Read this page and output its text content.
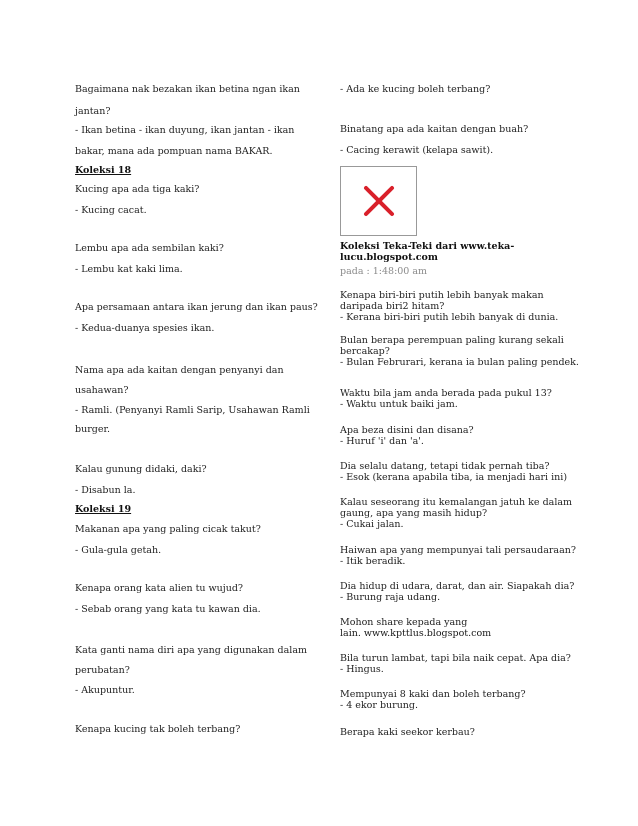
Bagaimana nak bezakan ikan betina ngan ikan
jantan?
- Ikan betina - ikan duyung, ikan jantan - ikan
bakar, mana ada pompuan nama BAKAR.
Koleksi 18
Kucing apa ada tiga kaki?
- Kucing cacat.
Lembu apa ada sembilan kaki?
- Lembu kat kaki lima.
Apa persamaan antara ikan jerung dan ikan paus?
- Kedua-duanya spesies ikan.
Nama apa ada kaitan dengan penyanyi dan
usahawan?
- Ramli. (Penyanyi Ramli Sarip, Usahawan Ramli
burger.
Kalau gunung didaki, daki?
- Disabun la.
Koleksi 19
Makanan apa yang paling cicak takut?
- Gula-gula getah.
Kenapa orang kata alien tu wujud?
- Sebab orang yang kata tu kawan dia.
Kata ganti nama diri apa yang digunakan dalam
perubatan?
- Akupuntur.
Kenapa kucing tak boleh terbang?
- Ada ke kucing boleh terbang?
Binatang apa ada kaitan dengan buah?
- Cacing kerawit (kelapa sawit).
Koleksi Teka-Teki dari www.teka-
lucu.blogspot.com
pada : 1:48:00 am
Kenapa biri-biri putih lebih banyak makan
daripada biri2 hitam?
- Kerana biri-biri putih lebih banyak di dunia.
Bulan berapa perempuan paling kurang sekali
bercakap?
- Bulan Februrari, kerana ia bulan paling pendek.
Waktu bila jam anda berada pada pukul 13?
- Waktu untuk baiki jam.
Apa beza disini dan disana?
- Huruf 'i' dan 'a'.
Dia selalu datang, tetapi tidak pernah tiba?
- Esok (kerana apabila tiba, ia menjadi hari ini)
Kalau seseorang itu kemalangan jatuh ke dalam
gaung, apa yang masih hidup?
- Cukai jalan.
Haiwan apa yang mempunyai tali persaudaraan?
- Itik beradik.
Dia hidup di udara, darat, dan air. Siapakah dia?
- Burung raja udang.
Mohon share kepada yang
lain. www.kpttlus.blogspot.com
Bila turun lambat, tapi bila naik cepat. Apa dia?
- Hingus.
Mempunyai 8 kaki dan boleh terbang?
- 4 ekor burung.
Berapa kaki seekor kerbau?
